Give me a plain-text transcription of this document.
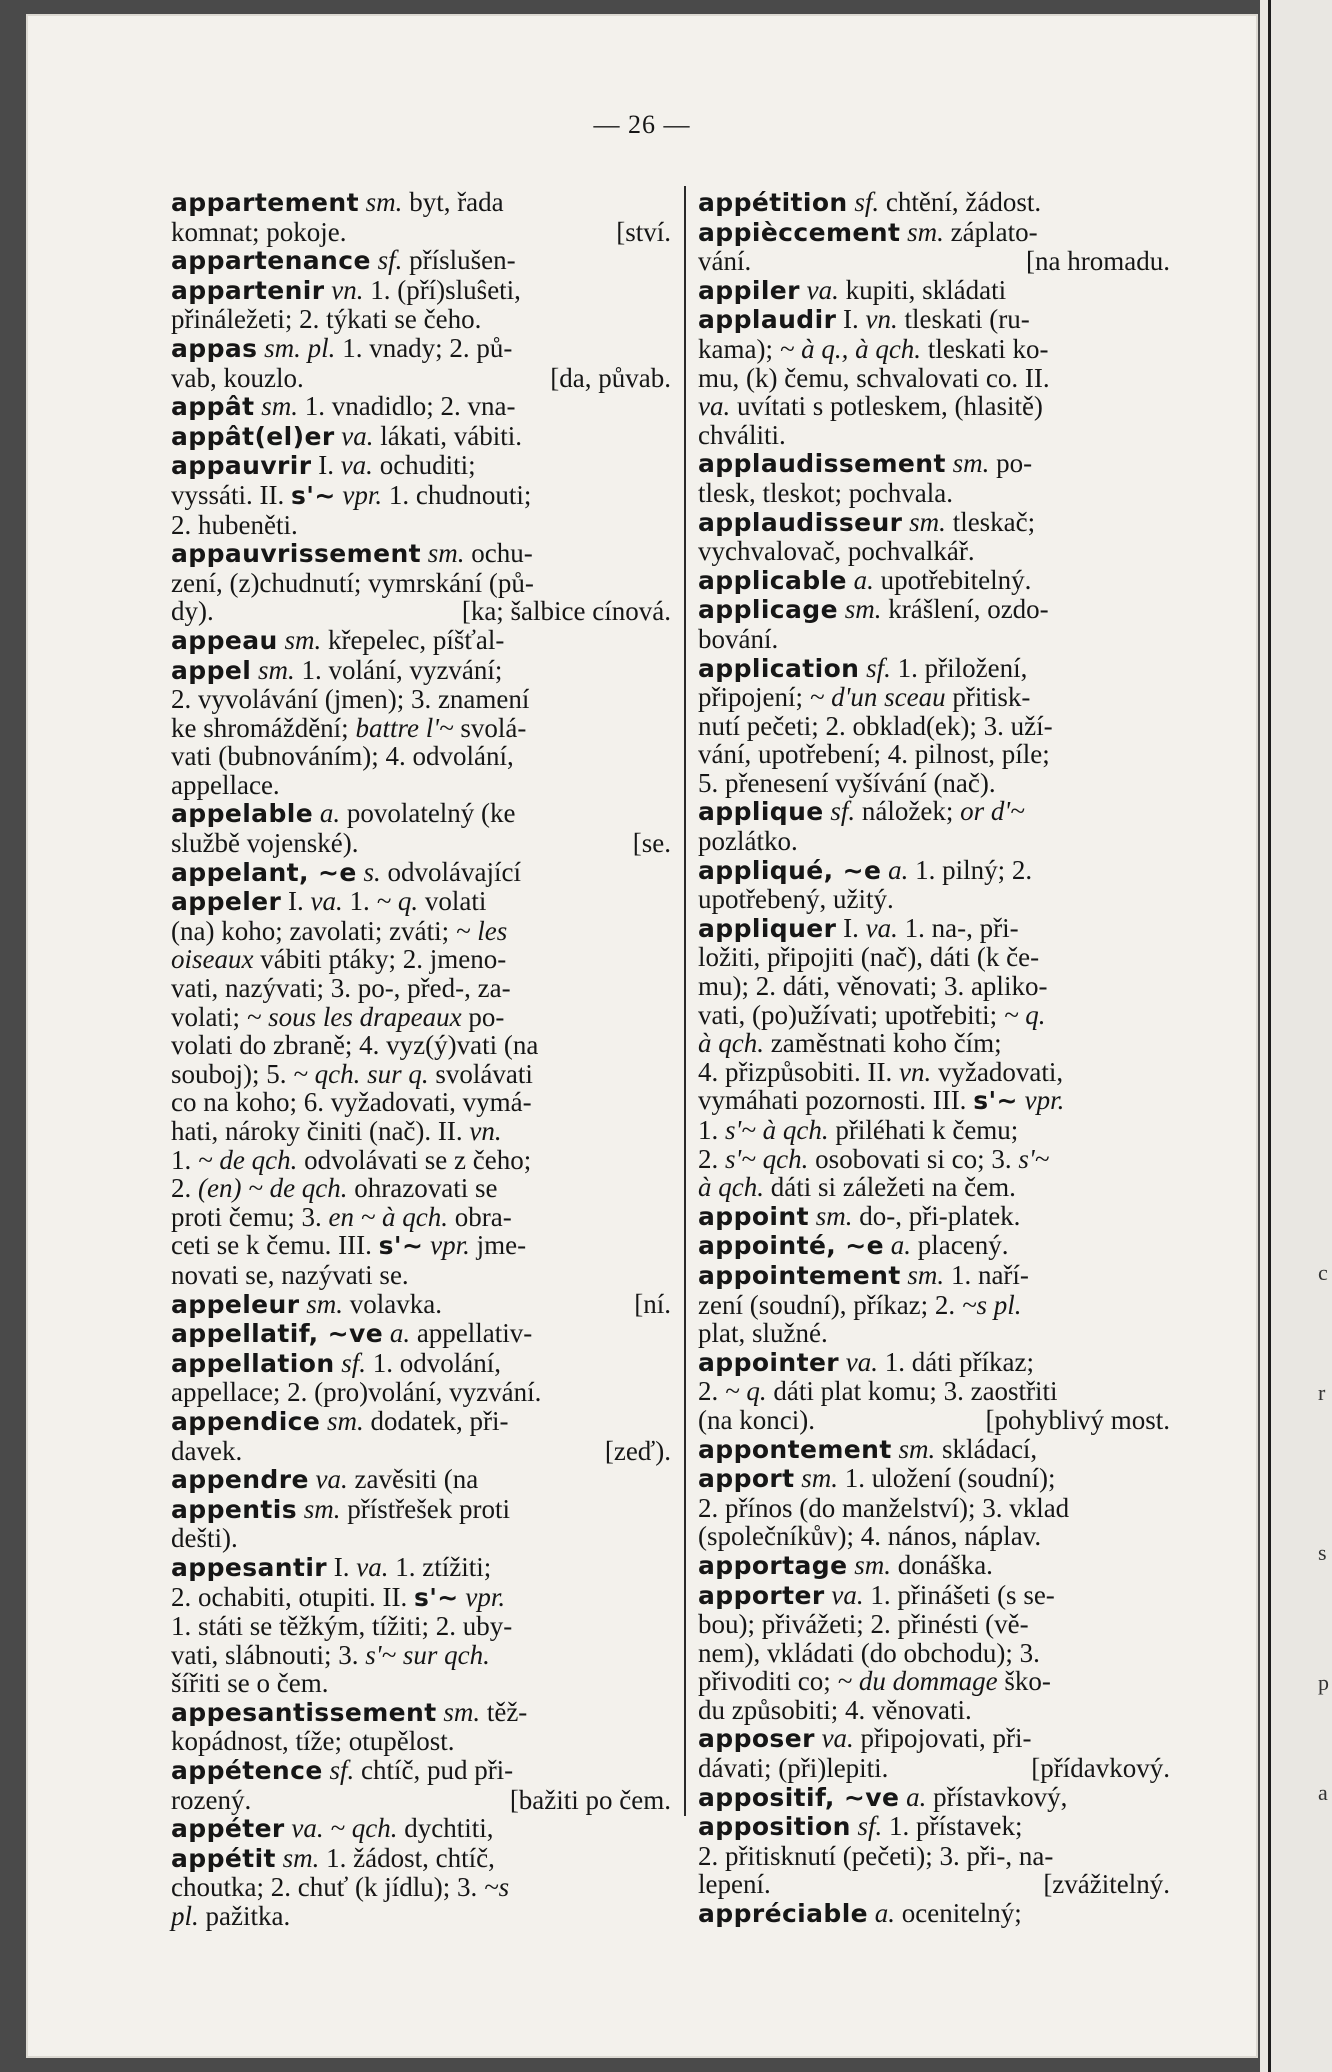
— 26 —
appartement sm. byt, řada
komnat; pokoje.	[ství.
appartenance sf. příslušen-
appartenir vn. 1. (pří)sluŝeti,
přináležeti; 2. týkati se čeho.
appas sm. pl. 1. vnady; 2. pů-
vab, kouzlo.	[da, půvab.
appât sm. 1. vnadidlo; 2. vna-
appât(el)er va. lákati, vábiti.
appauvrir I. va. ochuditi;
vyssáti. II. s'~ vpr. 1. chudnouti;
2. hubeněti.
appauvrissement sm. ochu-
zení, (z)chudnutí; vymrskání (pů-
dy).	[ka; šalbice cínová.
appeau sm. křepelec, píšťal-
appel sm. 1. volání, vyzvání;
2. vyvolávání (jmen); 3. znamení
ke shromáždění; battre l'~ svolá-
vati (bubnováním); 4. odvolání,
appellace.
appelable a. povolatelný (ke
službě vojenské).	[se.
appelant, ~e s. odvolávající
appeler I. va. 1. ~ q. volati
(na) koho; zavolati; zváti; ~ les
oiseaux vábiti ptáky; 2. jmeno-
vati, nazývati; 3. po-, před-, za-
volati; ~ sous les drapeaux po-
volati do zbraně; 4. vyz(ý)vati (na
souboj); 5. ~ qch. sur q. svolávati
co na koho; 6. vyžadovati, vymá-
hati, nároky činiti (nač). II. vn.
1. ~ de qch. odvolávati se z čeho;
2. (en) ~ de qch. ohrazovati se
proti čemu; 3. en ~ à qch. obra-
ceti se k čemu. III. s'~ vpr. jme-
novati se, nazývati se.
appeleur sm. volavka.	[ní.
appellatif, ~ve a. appellativ-
appellation sf. 1. odvolání,
appellace; 2. (pro)volání, vyzvání.
appendice sm. dodatek, při-
davek.	[zeď).
appendre va. zavěsiti (na
appentis sm. přístřešek proti
dešti).
appesantir I. va. 1. ztížiti;
2. ochabiti, otupiti. II. s'~ vpr.
1. státi se těžkým, tížiti; 2. uby-
vati, slábnouti; 3. s'~ sur qch.
šířiti se o čem.
appesantissement sm. těž-
kopádnost, tíže; otupělost.
appétence sf. chtíč, pud při-
rozený.	[bažiti po čem.
appéter va. ~ qch. dychtiti,
appétit sm. 1. žádost, chtíč,
choutka; 2. chuť (k jídlu); 3. ~s
pl. pažitka.
appétition sf. chtění, žádost.
appièccement sm. záplato-
vání.	[na hromadu.
appiler va. kupiti, skládati
applaudir I. vn. tleskati (ru-
kama); ~ à q., à qch. tleskati ko-
mu, (k) čemu, schvalovati co. II.
va. uvítati s potleskem, (hlasitě)
chváliti.
applaudissement sm. po-
tlesk, tleskot; pochvala.
applaudisseur sm. tleskač;
vychvalovač, pochvalkář.
applicable a. upotřebitelný.
applicage sm. krášlení, ozdo-
bování.
application sf. 1. přiložení,
připojení; ~ d'un sceau přitisk-
nutí pečeti; 2. obklad(ek); 3. uží-
vání, upotřebení; 4. pilnost, píle;
5. přenesení vyšívání (nač).
applique sf. náložek; or d'~
pozlátko.
appliqué, ~e a. 1. pilný; 2.
upotřebený, užitý.
appliquer I. va. 1. na-, při-
ložiti, připojiti (nač), dáti (k če-
mu); 2. dáti, věnovati; 3. apliko-
vati, (po)užívati; upotřebiti; ~ q.
à qch. zaměstnati koho čím;
4. přizpůsobiti. II. vn. vyžadovati,
vymáhati pozornosti. III. s'~ vpr.
1. s'~ à qch. přiléhati k čemu;
2. s'~ qch. osobovati si co; 3. s'~
à qch. dáti si záležeti na čem.
appoint sm. do-, při-platek.
appointé, ~e a. placený.
appointement sm. 1. naří-
zení (soudní), příkaz; 2. ~s pl.
plat, služné.
appointer va. 1. dáti příkaz;
2. ~ q. dáti plat komu; 3. zaostřiti
(na konci).	[pohyblivý most.
appontement sm. skládací,
apport sm. 1. uložení (soudní);
2. přínos (do manželství); 3. vklad
(společníkův); 4. nános, náplav.
apportage sm. donáška.
apporter va. 1. přinášeti (s se-
bou); přivážeti; 2. přinésti (vě-
nem), vkládati (do obchodu); 3.
přivoditi co; ~ du dommage ško-
du způsobiti; 4. věnovati.
apposer va. připojovati, při-
dávati; (při)lepiti.	[přídavkový.
appositif, ~ve a. přístavkový,
apposition sf. 1. přístavek;
2. přitisknutí (pečeti); 3. při-, na-
lepení.	[zvážitelný.
appréciable a. ocenitelný;
c
r
s
p
a
